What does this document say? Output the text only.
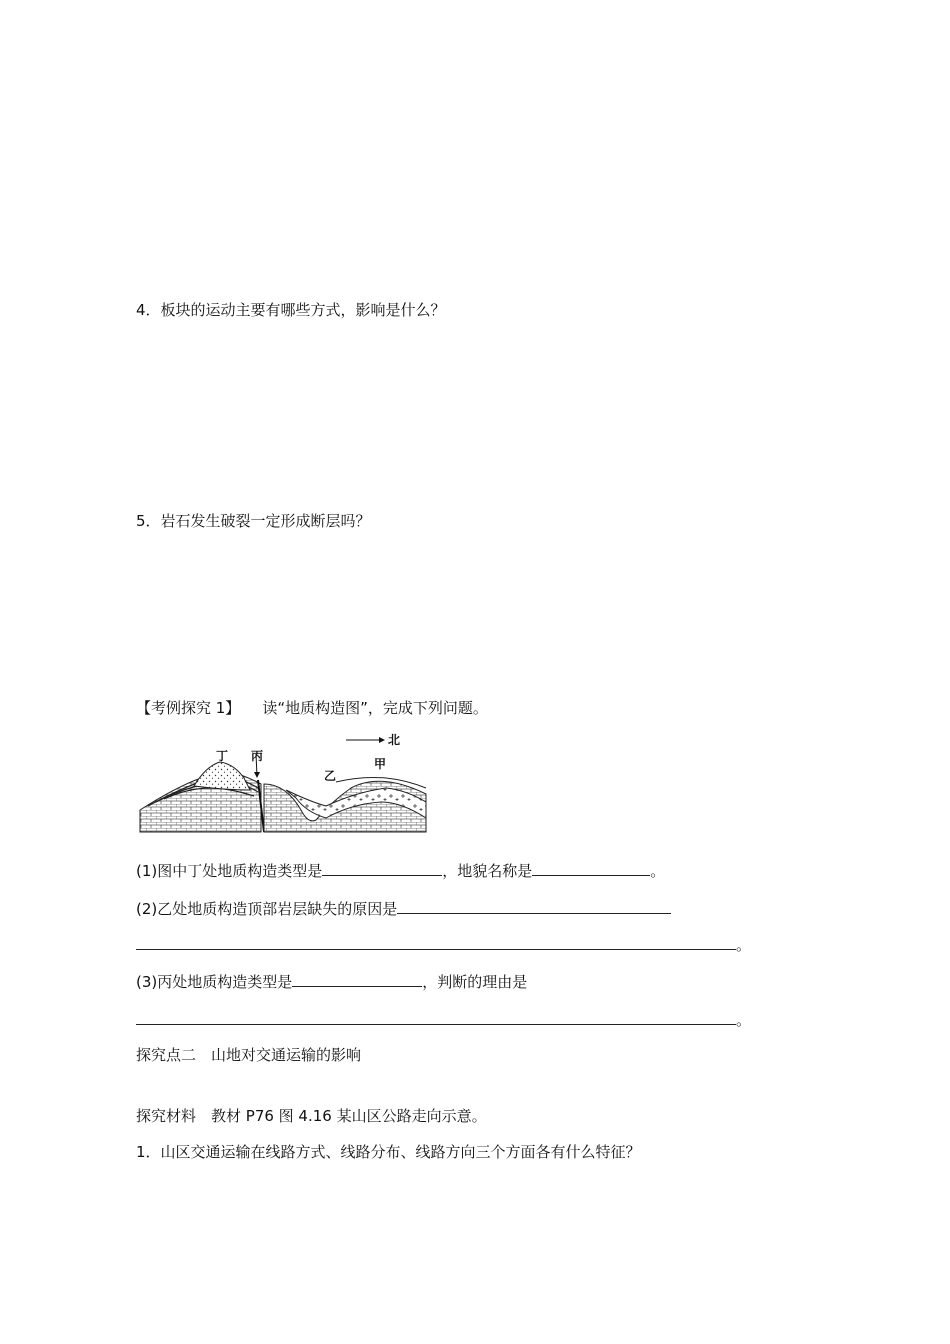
4．板块的运动主要有哪些方式，影响是什么？
5．岩石发生破裂一定形成断层吗？
【考例探究 1】 读“地质构造图”，完成下列问题。
北
丁 丙
乙
甲
(1)图中丁处地质构造类型是	，地貌名称是	。
(2)乙处地质构造顶部岩层缺失的原因是
。
(3)丙处地质构造类型是	，判断的理由是
。
探究点二　山地对交通运输的影响
探究材料　教材 P76 图 4.16 某山区公路走向示意。
1．山区交通运输在线路方式、线路分布、线路方向三个方面各有什么特征？
